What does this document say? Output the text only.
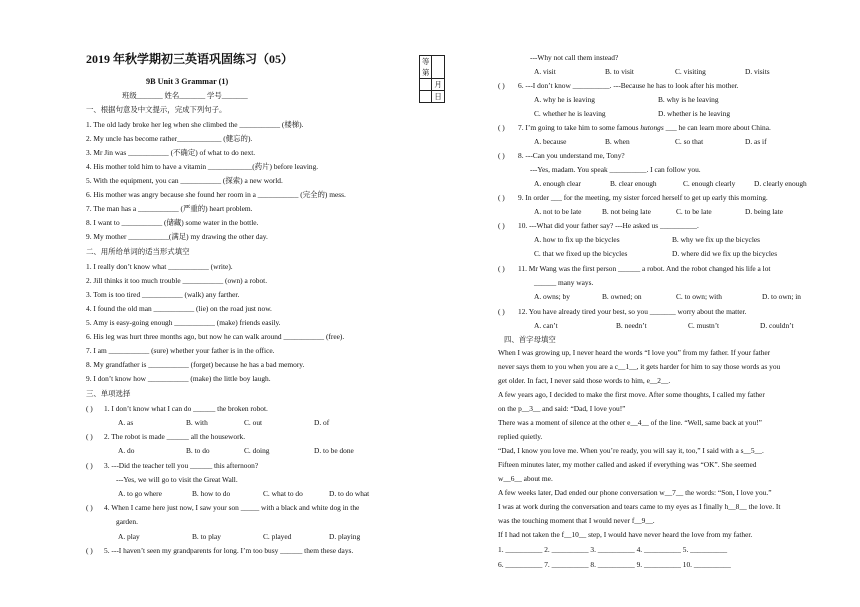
2019 年秋学期初三英语巩固练习（05）
9B Unit 3 Grammar (1)
班级_______ 姓名_______ 学号_______
一、根据句意及中文提示，完成下列句子。
1. The old lady broke her leg when she climbed the ___________ (楼梯).
2. My uncle has become rather____________ (健忘的).
3. Mr Jin was ___________ (不确定) of what to do next.
4. His mother told him to have a vitamin ____________(药片) before leaving.
5. With the equipment, you can ___________ (探索) a new world.
6. His mother was angry because she found her room in a ___________ (完全的) mess.
7. The man has a ___________ (严重的) heart problem.
8. I want to ___________ (储藏) some water in the bottle.
9. My mother ___________(满足) my drawing the other day.
二、用所给单词的适当形式填空
1. I really don’t know what ___________ (write).
2. Jill thinks it too much trouble ___________ (own) a robot.
3. Tom is too tired ___________ (walk) any farther.
4. I found the old man ___________ (lie) on the road just now.
5. Amy is easy-going enough ___________ (make) friends easily.
6. His leg was hurt three months ago, but now he can walk around ___________ (free).
7. I am ___________ (sure) whether your father is in the office.
8. My grandfather is ___________ (forget) because he has a bad memory.
9. I don’t know how ___________ (make) the little boy laugh.
三、单项选择
( ) 1. I don’t know what I can do ______ the broken robot.
A. as	B. with	C. out	D. of
( ) 2. The robot is made ______ all the housework.
A. do	B. to do	C. doing	D. to be done
( ) 3. ---Did the teacher tell you ______ this afternoon?
---Yes, we will go to visit the Great Wall.
A. to go where	B. how to do	C. what to do	D. to do what
( ) 4. When I came here just now, I saw your son _____ with a black and white dog in the
garden.
A. play	B. to play	C. played	D. playing
( ) 5. ---I haven’t seen my grandparents for long. I’m too busy ______ them these days.
等第	
	月
	日
---Why not call them instead?
A. visit	B. to visit	C. visiting	D. visits
( ) 6. ---I don’t know __________. ---Because he has to look after his mother.
A. why he is leaving	B. why is he leaving
C. whether he is leaving	D. whether is he leaving
( ) 7. I’m going to take him to some famous hutongs ___ he can learn more about China.
A. because	B. when	C. so that	D. as if
( ) 8. ---Can you understand me, Tony?
---Yes, madam. You speak __________. I can follow you.
A. enough clear	B. clear enough	C. enough clearly	D. clearly enough
( ) 9. In order ___ for the meeting, my sister forced herself to get up early this morning.
A. not to be late	B. not being late	C. to be late	D. being late
( ) 10. ---What did your father say? ---He asked us __________.
A. how to fix up the bicycles	B. why we fix up the bicycles
C. that we fixed up the bicycles	D. where did we fix up the bicycles
( ) 11. Mr Wang was the first person ______ a robot. And the robot changed his life a lot
______ many ways.
A. owns; by	B. owned; on	C. to own; with	D. to own; in
( ) 12. You have already tired your best, so you _______ worry about the matter.
A. can’t	B. needn’t	C. mustn’t	D. couldn’t
四、首字母填空
When I was growing up, I never heard the words “I love you” from my father. If your father
never says them to you when you are a c__1__, it gets harder for him to say those words as you
get older. In fact, I never said those words to him, e__2__.
A few years ago, I decided to make the first move. After some thoughts, I called my father
on the p__3__ and said: “Dad, I love you!”
There was a moment of silence at the other e__4__ of the line. “Well, same back at you!”
replied quietly.
“Dad, I know you love me. When you’re ready, you will say it, too,” I said with a s__5__.
Fifteen minutes later, my mother called and asked if everything was “OK”. She seemed
w__6__ about me.
A few weeks later, Dad ended our phone conversation w__7__ the words: “Son, I love you.”
I was at work during the conversation and tears came to my eyes as I finally h__8__ the love. It
was the touching moment that I would never f__9__.
If I had not taken the f__10__ step, I would have never heard the love from my father.
1. __________ 2. __________ 3. __________ 4. __________ 5. __________
6. __________ 7. __________ 8. __________ 9. __________ 10. __________
